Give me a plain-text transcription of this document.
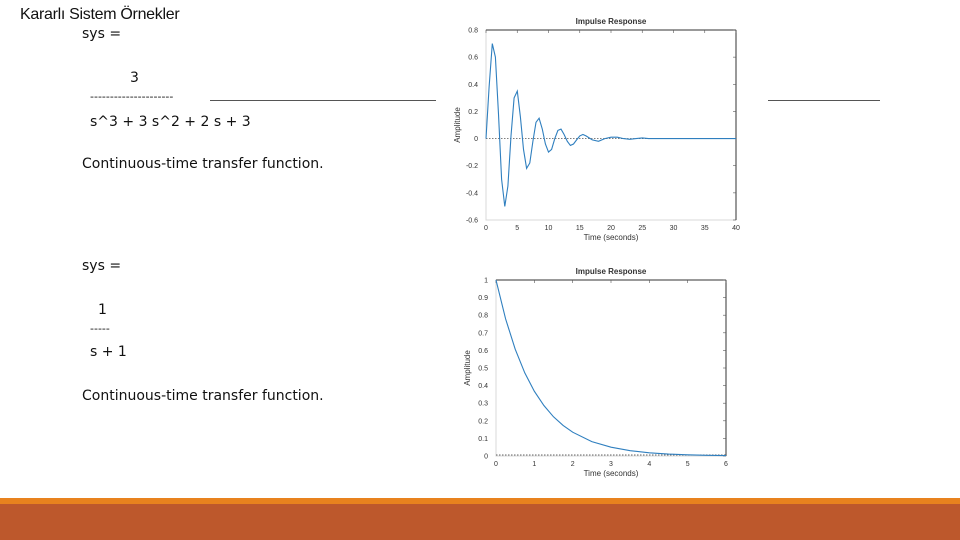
Kararlı Sistem Örnekler
sys =
3
---------------------
s^3 + 3 s^2 + 2 s + 3
Continuous-time transfer function.
sys =
1
-----
s + 1
Continuous-time transfer function.
Impulse Response
0	5	10	15	20	25	30	35	40
-0.6
-0.4
-0.2
0
0.2
0.4
0.6
0.8
Time (seconds)
Amplitude
Impulse Response
0	1	2	3	4	5	6
0
0.1
0.2
0.3
0.4
0.5
0.6
0.7
0.8
0.9
1
Time (seconds)
Amplitude
